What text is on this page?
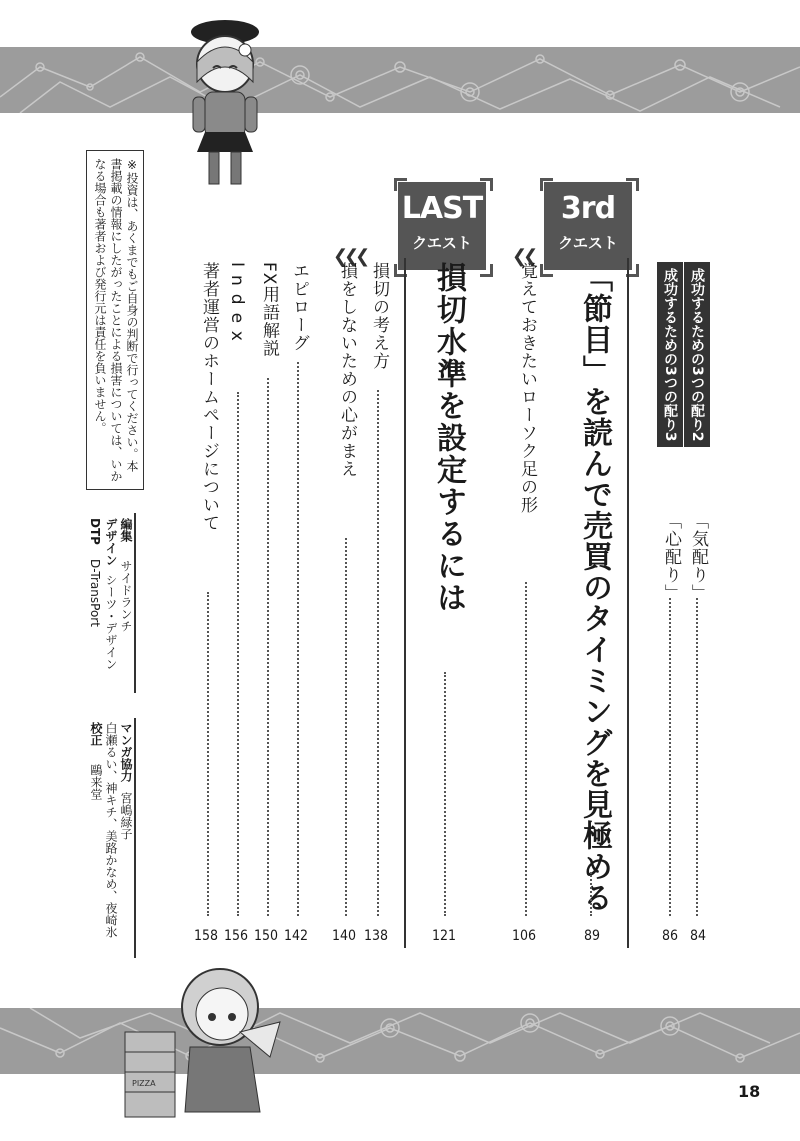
PIZZA
※投資は、あくまでもご自身の判断で行ってください。本書掲載の情報にしたがったことによる損害については、いかなる場合も著者および発行元は責任を負いません。
編集サイドランチ
デザインシーツ・デザイン
DTPD-TransPort
マンガ協力宮嶋緑子
白瀬るい、神キチ、美路かなめ、夜崎氷
校正鷗来堂
LAST
クエスト
❮❮❮
3rd
クエスト
❮❮
成功するための3つの配り2
成功するための3つの配り3
「気配り」
「心配り」
84
86
「節目」を読んで売買のタイミングを見極める
89
覚えておきたいローソク足の形
106
損切水準を設定するには
121
損切の考え方
138
損をしないための心がまえ
140
エピローグ
142
FX用語解説
150
Index
156
著者運営のホームページについて
158
18
